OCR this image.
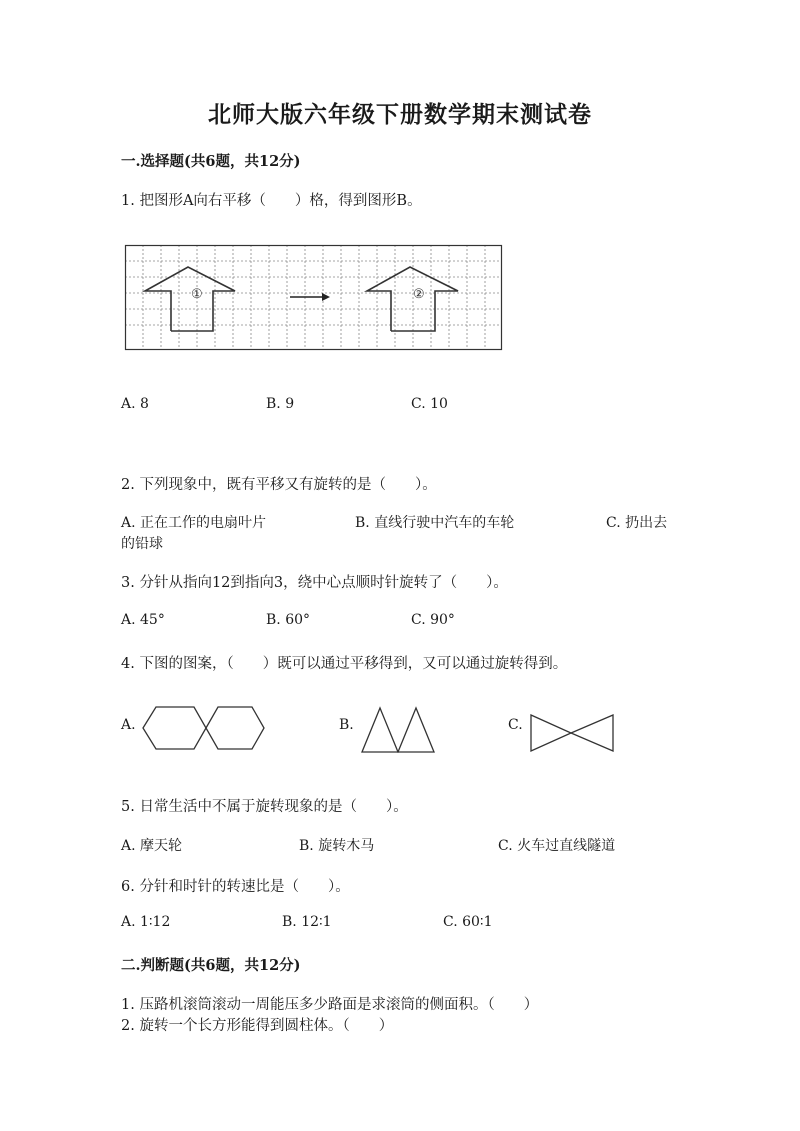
北师大版六年级下册数学期末测试卷
一.选择题(共6题，共12分)
1. 把图形A向右平移（　　）格，得到图形B。
①	②
A. 8	B. 9	C. 10
2. 下列现象中，既有平移又有旋转的是（　　）。
A. 正在工作的电扇叶片	B. 直线行驶中汽车的车轮	C. 扔出去
的铅球
3. 分针从指向12到指向3，绕中心点顺时针旋转了（　　）。
A. 45°	B. 60°	C. 90°
4. 下图的图案，（　　）既可以通过平移得到，又可以通过旋转得到。
A.	B.	C.
5. 日常生活中不属于旋转现象的是（　　）。
A. 摩天轮	B. 旋转木马	C. 火车过直线隧道
6. 分针和时针的转速比是（　　）。
A. 1∶12	B. 12∶1	C. 60∶1
二.判断题(共6题，共12分)
1. 压路机滚筒滚动一周能压多少路面是求滚筒的侧面积。（　　）
2. 旋转一个长方形能得到圆柱体。（　　）
